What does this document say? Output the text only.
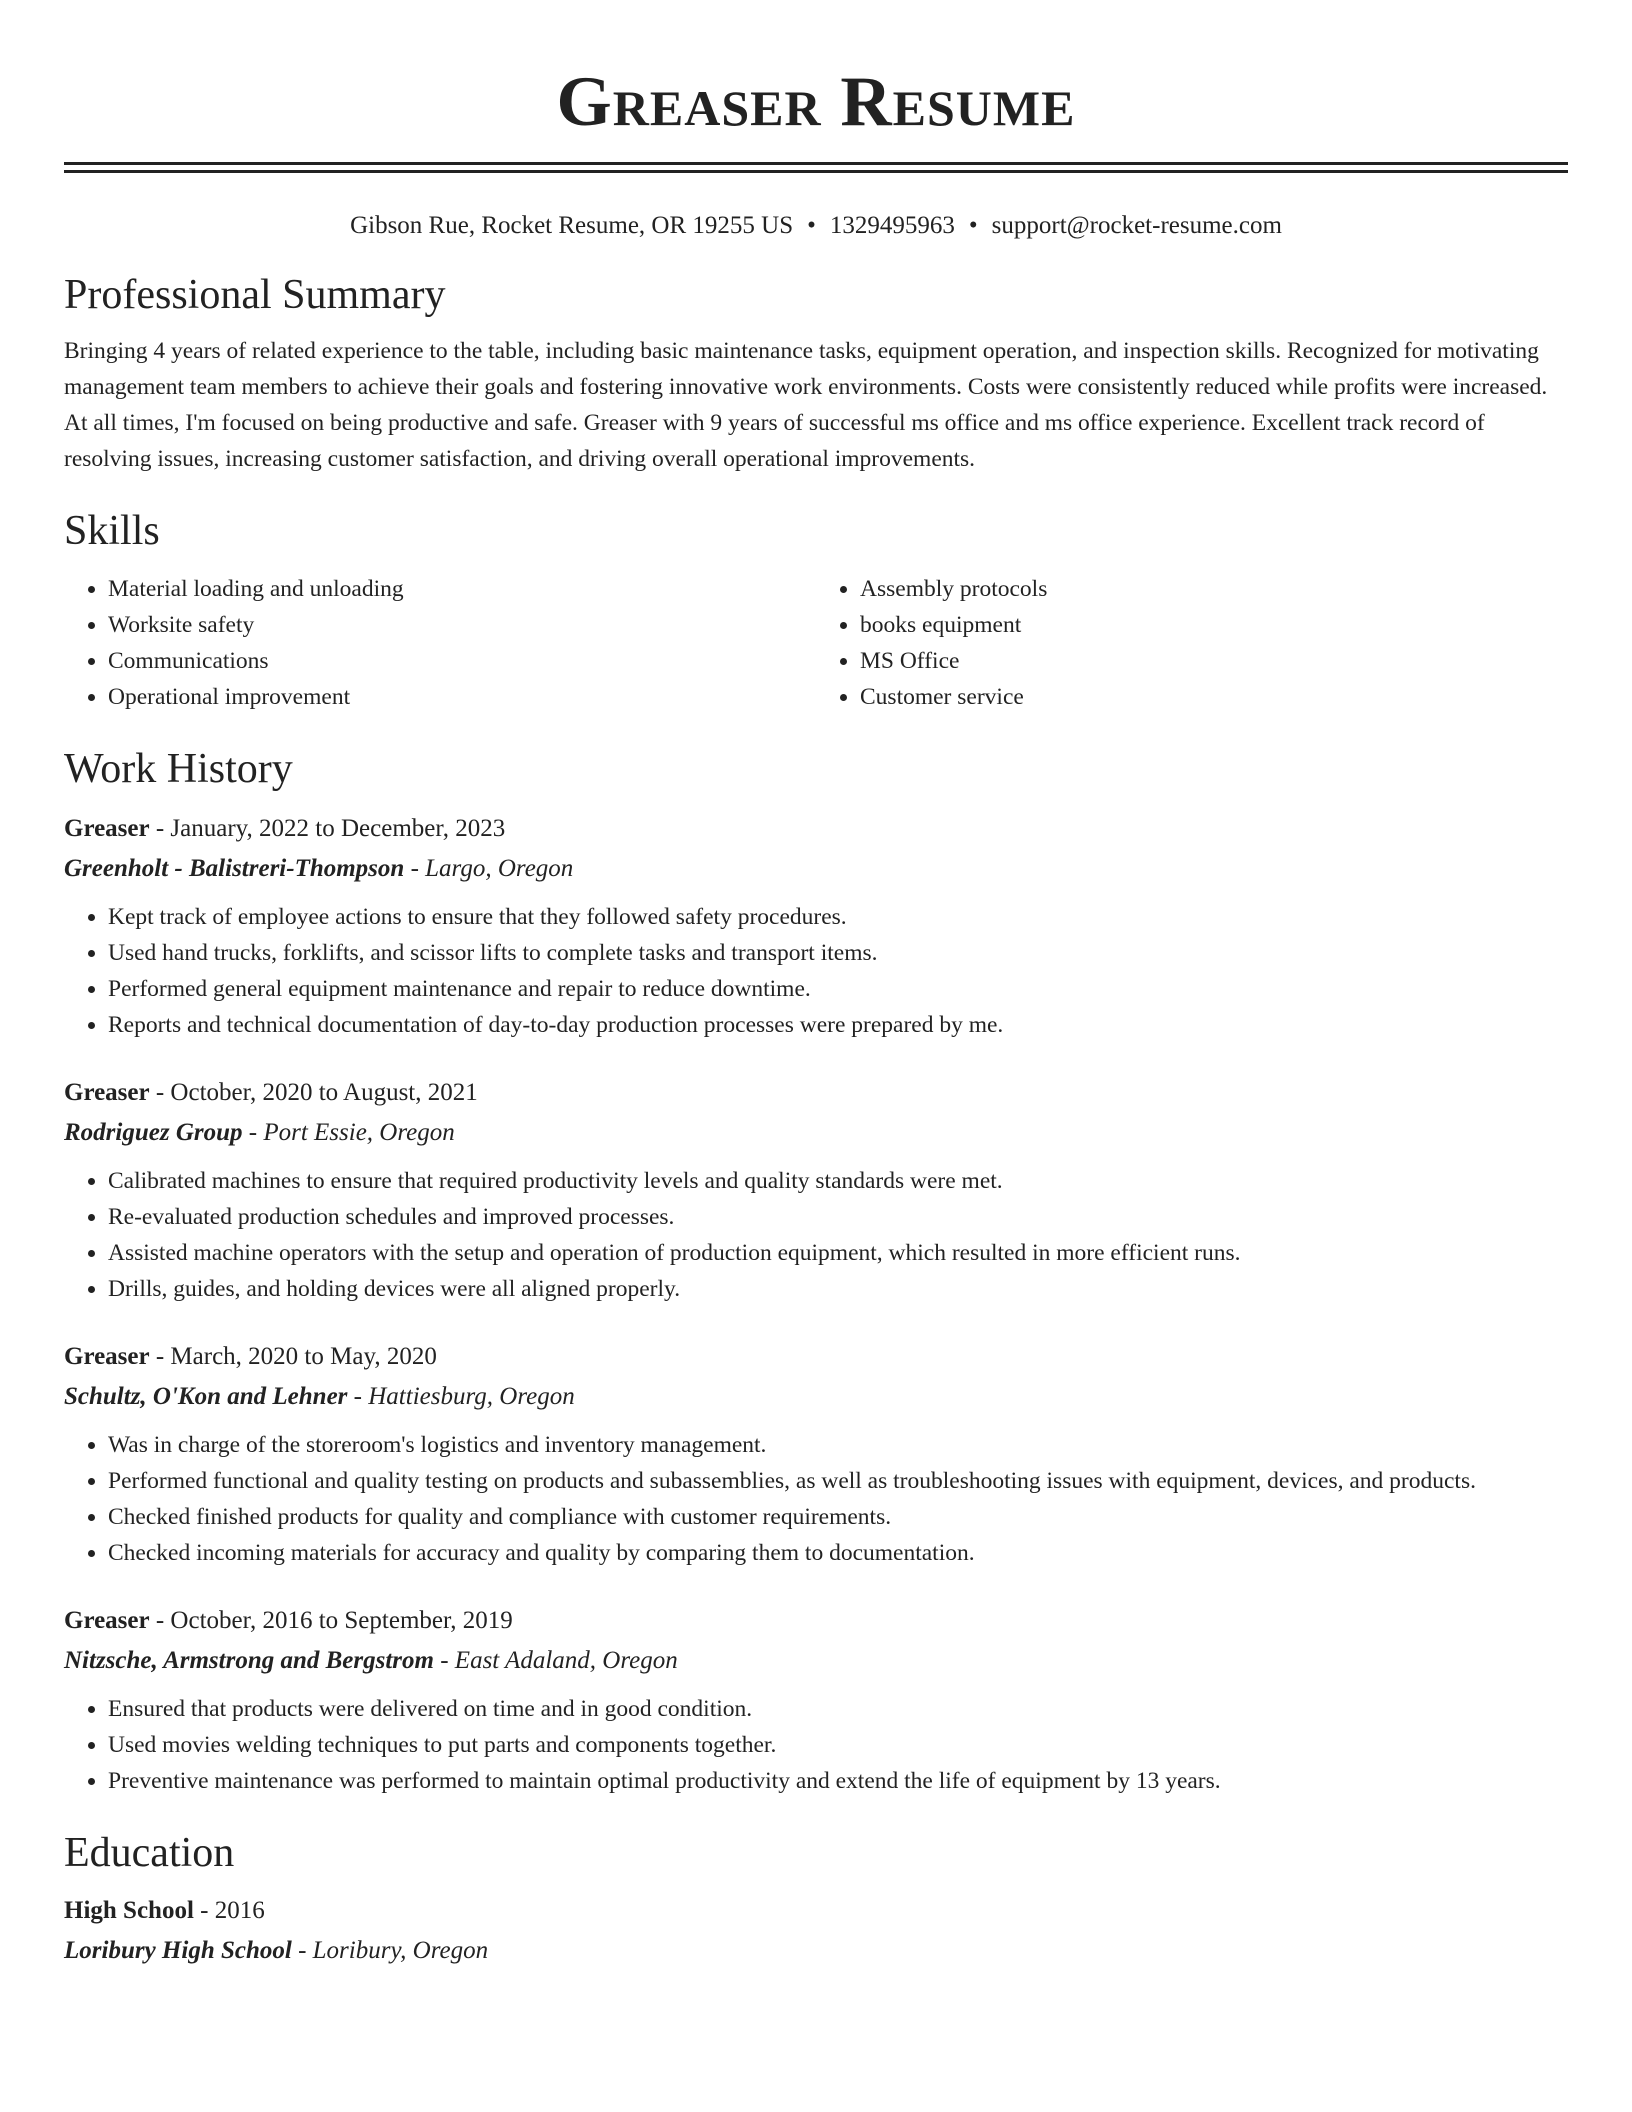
Greaser Resume
Gibson Rue, Rocket Resume, OR 19255 US • 1329495963 • support@rocket-resume.com
Professional Summary
Bringing 4 years of related experience to the table, including basic maintenance tasks, equipment operation, and inspection skills. Recognized for motivating management team members to achieve their goals and fostering innovative work environments. Costs were consistently reduced while profits were increased. At all times, I'm focused on being productive and safe. Greaser with 9 years of successful ms office and ms office experience. Excellent track record of resolving issues, increasing customer satisfaction, and driving overall operational improvements.
Skills
• Material loading and unloading
• Worksite safety
• Communications
• Operational improvement
• Assembly protocols
• books equipment
• MS Office
• Customer service
Work History
Greaser - January, 2022 to December, 2023
Greenholt - Balistreri-Thompson - Largo, Oregon
• Kept track of employee actions to ensure that they followed safety procedures.
• Used hand trucks, forklifts, and scissor lifts to complete tasks and transport items.
• Performed general equipment maintenance and repair to reduce downtime.
• Reports and technical documentation of day-to-day production processes were prepared by me.
Greaser - October, 2020 to August, 2021
Rodriguez Group - Port Essie, Oregon
• Calibrated machines to ensure that required productivity levels and quality standards were met.
• Re-evaluated production schedules and improved processes.
• Assisted machine operators with the setup and operation of production equipment, which resulted in more efficient runs.
• Drills, guides, and holding devices were all aligned properly.
Greaser - March, 2020 to May, 2020
Schultz, O'Kon and Lehner - Hattiesburg, Oregon
• Was in charge of the storeroom's logistics and inventory management.
• Performed functional and quality testing on products and subassemblies, as well as troubleshooting issues with equipment, devices, and products.
• Checked finished products for quality and compliance with customer requirements.
• Checked incoming materials for accuracy and quality by comparing them to documentation.
Greaser - October, 2016 to September, 2019
Nitzsche, Armstrong and Bergstrom - East Adaland, Oregon
• Ensured that products were delivered on time and in good condition.
• Used movies welding techniques to put parts and components together.
• Preventive maintenance was performed to maintain optimal productivity and extend the life of equipment by 13 years.
Education
High School - 2016
Loribury High School - Loribury, Oregon
